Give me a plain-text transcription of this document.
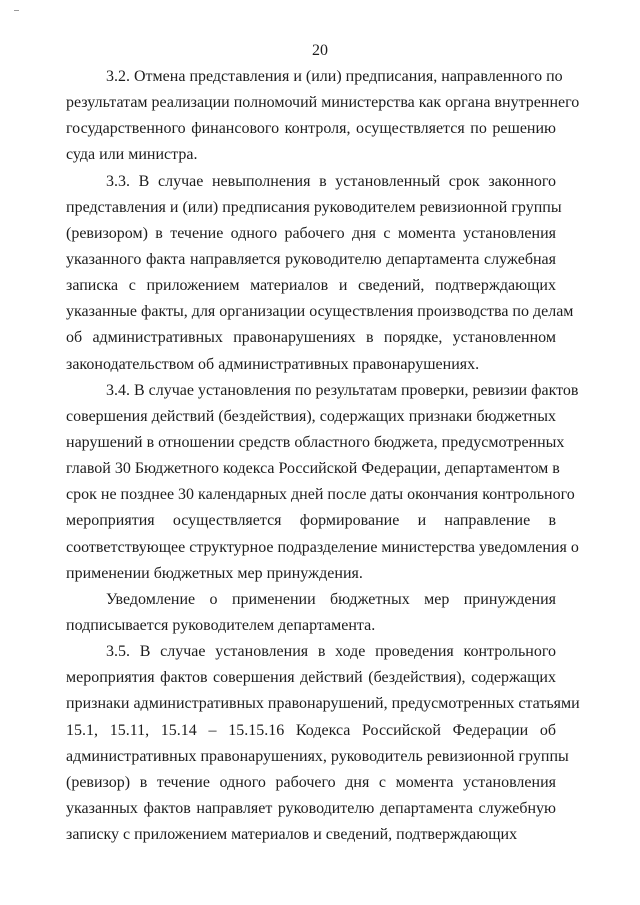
20
3.2. Отмена представления и (или) предписания, направленного по
результатам реализации полномочий министерства как органа внутреннего
государственного финансового контроля, осуществляется по решению
суда или министра.
3.3. В случае невыполнения в установленный срок законного
представления и (или) предписания руководителем ревизионной группы
(ревизором) в течение одного рабочего дня с момента установления
указанного факта направляется руководителю департамента служебная
записка с приложением материалов и сведений, подтверждающих
указанные факты, для организации осуществления производства по делам
об административных правонарушениях в порядке, установленном
законодательством об административных правонарушениях.
3.4. В случае установления по результатам проверки, ревизии фактов
совершения действий (бездействия), содержащих признаки бюджетных
нарушений в отношении средств областного бюджета, предусмотренных
главой 30 Бюджетного кодекса Российской Федерации, департаментом в
срок не позднее 30 календарных дней после даты окончания контрольного
мероприятия осуществляется формирование и направление в
соответствующее структурное подразделение министерства уведомления о
применении бюджетных мер принуждения.
Уведомление о применении бюджетных мер принуждения
подписывается руководителем департамента.
3.5. В случае установления в ходе проведения контрольного
мероприятия фактов совершения действий (бездействия), содержащих
признаки административных правонарушений, предусмотренных статьями
15.1, 15.11, 15.14 – 15.15.16 Кодекса Российской Федерации об
административных правонарушениях, руководитель ревизионной группы
(ревизор) в течение одного рабочего дня с момента установления
указанных фактов направляет руководителю департамента служебную
записку с приложением материалов и сведений, подтверждающих
